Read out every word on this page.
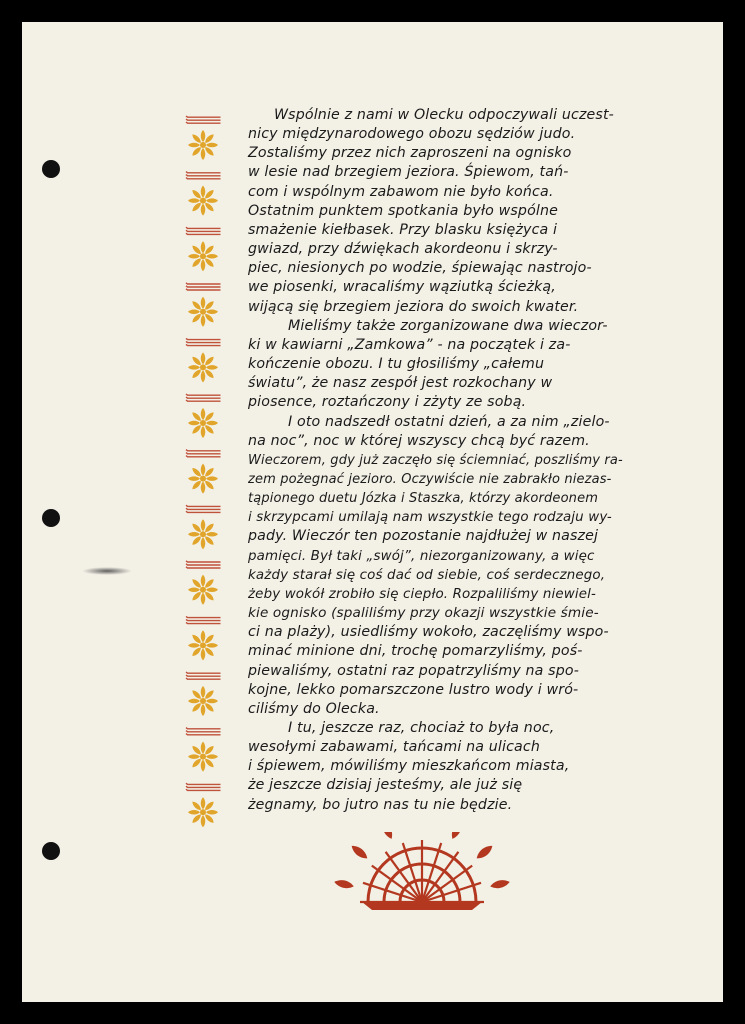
Wspólnie z nami w Olecku odpoczywali uczest-
nicy międzynarodowego obozu sędziów judo.
Zostaliśmy przez nich zaproszeni na ognisko
w lesie nad brzegiem jeziora. Śpiewom, tań-
com i wspólnym zabawom nie było końca.
Ostatnim punktem spotkania było wspólne
smażenie kiełbasek. Przy blasku księżyca i
gwiazd, przy dźwiękach akordeonu i skrzy-
piec, niesionych po wodzie, śpiewając nastrojo-
we piosenki, wracaliśmy wąziutką ścieżką,
wijącą się brzegiem jeziora do swoich kwater.
Mieliśmy także zorganizowane dwa wieczor-
ki w kawiarni „Zamkowa” - na początek i za-
kończenie obozu. I tu głosiliśmy „całemu
światu”, że nasz zespół jest rozkochany w
piosence, roztańczony i zżyty ze sobą.
I oto nadszedł ostatni dzień, a za nim „zielo-
na noc”, noc w której wszyscy chcą być razem.
Wieczorem, gdy już zaczęło się ściemniać, poszliśmy ra-
zem pożegnać jezioro. Oczywiście nie zabrakło niezas-
tąpionego duetu Józka i Staszka, którzy akordeonem
i skrzypcami umilają nam wszystkie tego rodzaju wy-
pady. Wieczór ten pozostanie najdłużej w naszej
pamięci. Był taki „swój”, niezorganizowany, a więc
każdy starał się coś dać od siebie, coś serdecznego,
żeby wokół zrobiło się ciepło. Rozpaliliśmy niewiel-
kie ognisko (spaliliśmy przy okazji wszystkie śmie-
ci na plaży), usiedliśmy wokoło, zaczęliśmy wspo-
minać minione dni, trochę pomarzyliśmy, poś-
piewaliśmy, ostatni raz popatrzyliśmy na spo-
kojne, lekko pomarszczone lustro wody i wró-
ciliśmy do Olecka.
I tu, jeszcze raz, chociaż to była noc,
wesołymi zabawami, tańcami na ulicach
i śpiewem, mówiliśmy mieszkańcom miasta,
że jeszcze dzisiaj jesteśmy, ale już się
żegnamy, bo jutro nas tu nie będzie.
